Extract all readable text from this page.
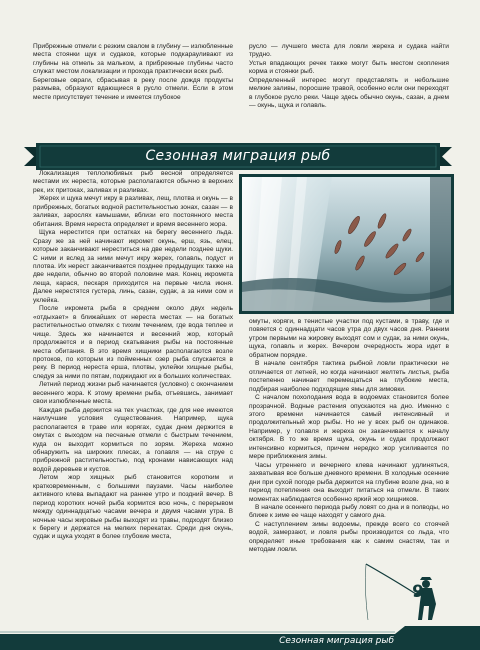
Прибрежные отмели с резким свалом в глубину — излюбленные места стоянки щук и судаков, которые подкарауливают из глубины на отмель за мальком, а прибрежные глубины часто служат местом локализации и прохода практически всех рыб.

Береговые овраги, сбрасывая в реку после дождя продукты размыва, образуют вдающиеся в русло отмели. Если в этом месте присутствует течение и имеется глубокое

русло — лучшего места для ловли жереха и судака найти трудно.

Устья впадающих речек также могут быть местом скопления корма и стоянки рыб.

Определенный интерес могут представлять и небольшие мелкие заливы, поросшие травой, особенно если они переходят в глубокое русло реки. Чаще здесь обычно окунь, сазан, а днем — окунь, щука и голавль.

Сезонная миграция рыб

Локализация теплолюбивых рыб весной определяется местами их нереста, которые располагаются обычно в верхних рек, их притоках, заливах и разливах.

Жерех и щука мечут икру в разливах, лещ, плотва и окунь — в прибрежных, богатых водной растительностью зонах, сазан — в заливах, зарослях камышами, вблизи его постоянного места обитания. Время нереста определяет и время весеннего жора.

Щука нерестится при остатках на берегу весеннего льда. Сразу же за ней начинают икромет окунь, ерш, язь, елец, которые заканчивают нереститься на две недели позднее щуки. С ними и вслед за ними мечут икру жерех, голавль, подуст и плотва. Их нерест заканчивается позднее предыдущих также на две недели, обычно во второй половине мая. Конец икромета леща, карася, пескаря приходится на первые числа июня. Далее нерестятся густера, линь, сазан, судак, а за ними сом и уклейка.

После икромета рыба в среднем около двух недель «отдыхает» в ближайших от нереста местах — на богатых растительностью отмелях с тихим течением, где вода теплее и чище. Здесь же начинается и весенний жор, который продолжается и в период скатывания рыбы на постоянные места обитания. В это время хищники располагаются возле протоков, по которым из пойменных озер рыба спускается в реку. В период нереста ерша, плотвы, уклейки хищные рыбы, следуя за ними по пятам, поджидают их в больших количествах.

Летний период жизни рыб начинается (условно) с окончанием весеннего жора. К этому времени рыба, отъевшись, занимает свои излюбленные места.

Каждая рыба держится на тех участках, где для нее имеются наилучшие условия существования. Например, щука располагается в траве или корягах, судак днем держится в омутах с выходом на песчаные отмели с быстрым течением, куда он выходит кормиться по зорям. Жереха можно обнаружить на широких плесах, а голавля — на струе с прибрежной растительностью, под кронами нависающих над водой деревьев и кустов.

Летом жор хищных рыб становится коротким и кратковременным, с большими паузами. Часы наиболее активного клева выпадают на раннее утро и поздний вечер. В период коротких ночей рыба кормится всю ночь, с перерывом между одиннадцатью часами вечера и двумя часами утра. В ночные часы жировые рыбы выходят из травы, подходят близко к берегу и держатся на мелких перекатах. Среди дня окунь, судак и щука уходят в более глубокие места,

омуты, коряги, в тенистые участки под кустами, в траву, где и повяется с одиннадцати часов утра до двух часов дня. Ранним утром первыми на жировку выходят сом и судак, за ними окунь, щука, голавль и жерех. Вечером очередность жора идет в обратном порядке.

В начале сентября тактика рыбной ловли практически не отличается от летней, но когда начинают желтеть листья, рыба постепенно начинает перемещаться на глубокие места, подбирая наиболее подходящие ямы для зимовки.

С началом похолодания вода в водоемах становится более прозрачной. Водные растения опускаются на дно. Именно с этого времени начинается самый интенсивный и продолжительный жор рыбы. Но не у всех рыб он одинаков. Например, у голавля и жереха он заканчивается к началу октября. В то же время щука, окунь и судак продолжают интенсивно кормиться, причем нередко жор усиливается по мере приближения зимы.

Часы утреннего и вечернего клева начинают удлиняться, захватывая все больше дневного времени. В холодные осенние дни при сухой погоде рыба держится на глубине возле дна, но в период потепления она выходит питаться на отмели. В таких моментах наблюдается особенно яркий жор хищников.

В начале осеннего периода рыбу ловят со дна и в полводы, но ближе к зиме ее чаще находят у самого дна.

С наступлением зимы водоемы, прежде всего со стоячей водой, замерзают, и ловля рыбы производится со льда, что определяет иные требования как к самим снастям, так и методам ловли.

9
Сезонная миграция рыб
